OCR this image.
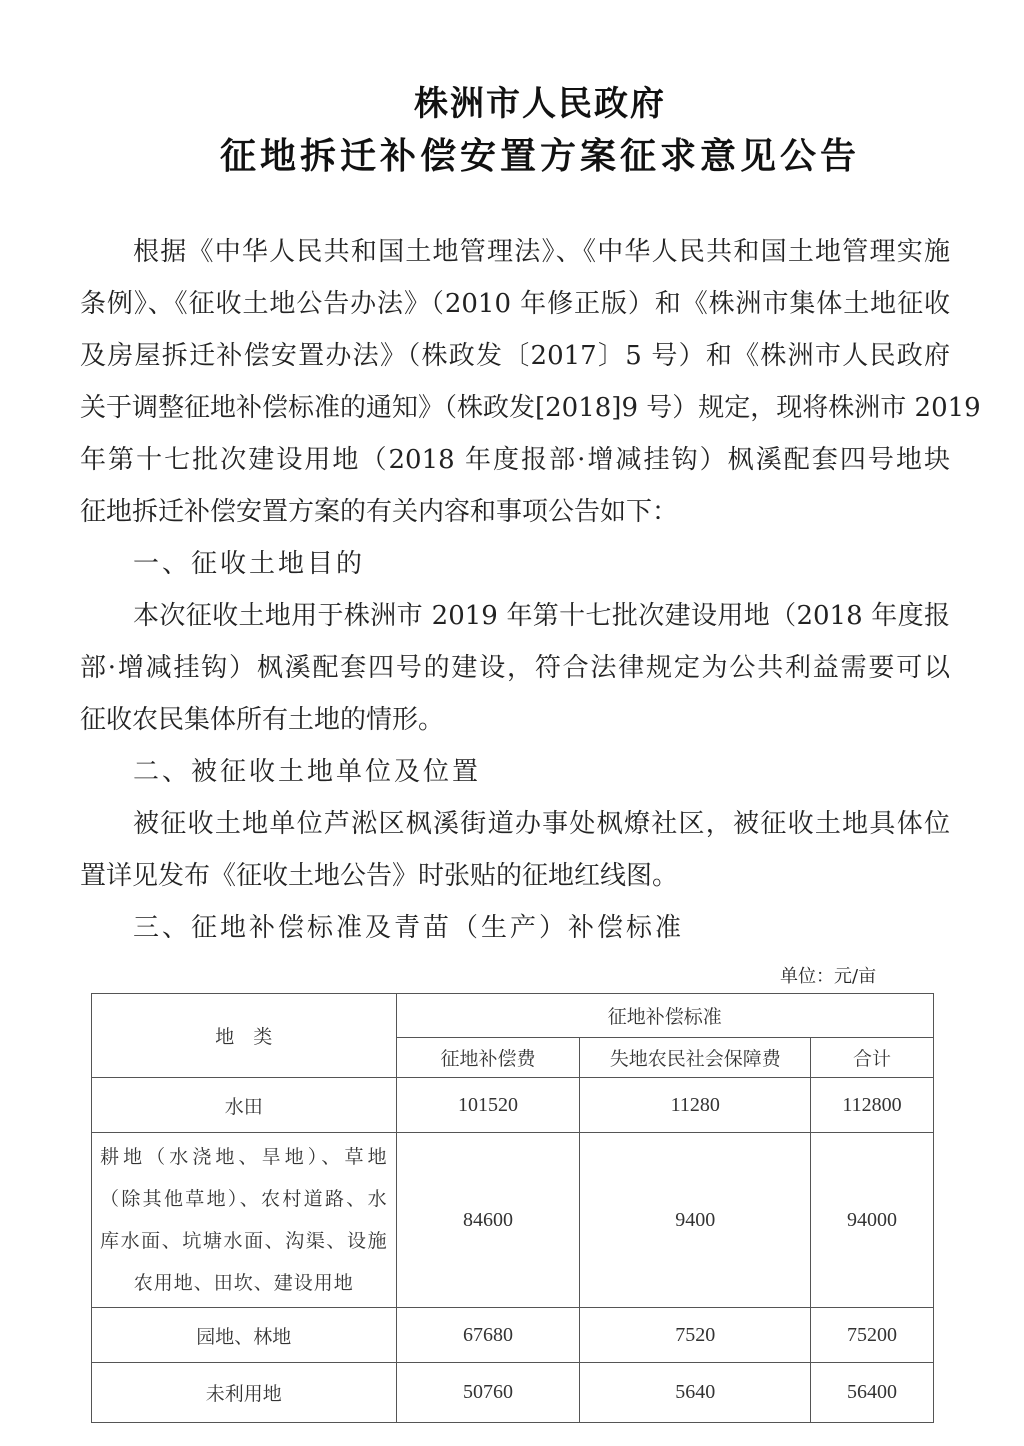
株洲市人民政府
征地拆迁补偿安置方案征求意见公告
根据《中华人民共和国土地管理法》、《中华人民共和国土地管理实施
条例》、《征收土地公告办法》（2010 年修正版）和《株洲市集体土地征收
及房屋拆迁补偿安置办法》（株政发〔2017〕5 号）和《株洲市人民政府
关于调整征地补偿标准的通知》（株政发[2018]9 号）规定，现将株洲市 2019
年第十七批次建设用地（2018 年度报部·增减挂钩）枫溪配套四号地块
征地拆迁补偿安置方案的有关内容和事项公告如下：
一、征收土地目的
本次征收土地用于株洲市 2019 年第十七批次建设用地（2018 年度报
部·增减挂钩）枫溪配套四号的建设，符合法律规定为公共利益需要可以
征收农民集体所有土地的情形。
二、被征收土地单位及位置
被征收土地单位芦淞区枫溪街道办事处枫燎社区，被征收土地具体位
置详见发布《征收土地公告》时张贴的征地红线图。
三、征地补偿标准及青苗（生产）补偿标准
单位：元/亩
地　类	征地补偿标准		
	征地补偿费	失地农民社会保障费	合计
水田	101520	11280	112800
耕地（水浇地、旱地）、草地（除其他草地）、农村道路、水库水面、坑塘水面、沟渠、设施农用地、田坎、建设用地	84600	9400	94000
园地、林地	67680	7520	75200
未利用地	50760	5640	56400
